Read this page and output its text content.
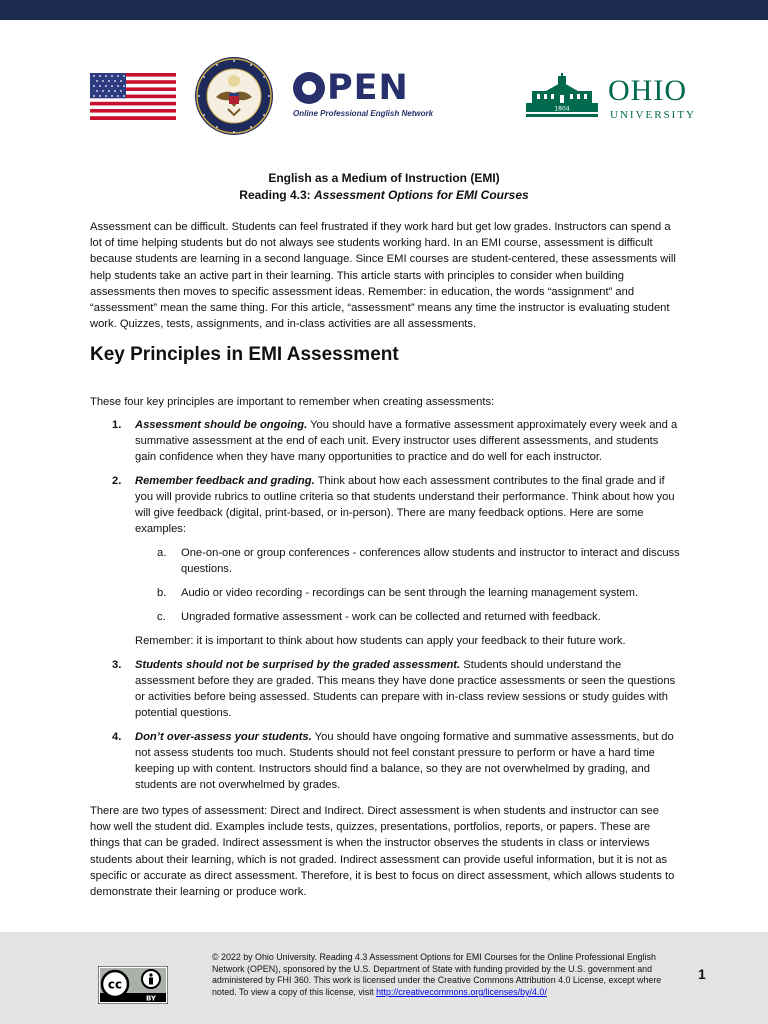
PEN
Online Professional English Network	1804
OHIO
UNIVERSITY
English as a Medium of Instruction (EMI)
Reading 4.3: Assessment Options for EMI Courses

Assessment can be difficult. Students can feel frustrated if they work hard but get low grades. Instructors can spend a lot of time helping students but do not always see students working hard. In an EMI course, assessment is difficult because students are learning in a second language. Since EMI courses are student-centered, these assessments will help students take an active part in their learning. This article starts with principles to consider when building assessments then moves to specific assessment ideas. Remember: in education, the words “assignment” and “assessment” mean the same thing. For this article, “assessment” means any time the instructor is evaluating student work. Quizzes, tests, assignments, and in-class activities are all assessments.

Key Principles in EMI Assessment

These four key principles are important to remember when creating assessments:

1. Assessment should be ongoing. You should have a formative assessment approximately every week and a summative assessment at the end of each unit. Every instructor uses different assessments, and students gain confidence when they have many opportunities to practice and do well for each instructor.
2. Remember feedback and grading. Think about how each assessment contributes to the final grade and if you will provide rubrics to outline criteria so that students understand their performance. Think about how you will give feedback (digital, print-based, or in-person). There are many feedback options. Here are some examples:
a. One-on-one or group conferences - conferences allow students and instructor to interact and discuss questions.
b. Audio or video recording - recordings can be sent through the learning management system.
c. Ungraded formative assessment - work can be collected and returned with feedback.
Remember: it is important to think about how students can apply your feedback to their future work.
3. Students should not be surprised by the graded assessment. Students should understand the assessment before they are graded. This means they have done practice assessments or seen the questions or activities before being assessed. Students can prepare with in-class review sessions or study guides with potential questions.
4. Don’t over-assess your students. You should have ongoing formative and summative assessments, but do not assess students too much. Students should not feel constant pressure to perform or have a hard time keeping up with content. Instructors should find a balance, so they are not overwhelmed by grading, and students are not overwhelmed by grades.

There are two types of assessment: Direct and Indirect. Direct assessment is when students and instructor can see how well the student did. Examples include tests, quizzes, presentations, portfolios, reports, or papers. These are things that can be graded. Indirect assessment is when the instructor observes the students in class or interviews students about their learning, which is not graded. Indirect assessment can provide useful information, but it is not as specific or accurate as direct assessment. Therefore, it is best to focus on direct assessment, which allows students to demonstrate their learning or produce work.

cc
BY
© 2022 by Ohio University. Reading 4.3 Assessment Options for EMI Courses for the Online Professional English Network (OPEN), sponsored by the U.S. Department of State with funding provided by the U.S. government and administered by FHI 360. This work is licensed under the Creative Commons Attribution 4.0 License, except where noted. To view a copy of this license, visit http://creativecommons.org/licenses/by/4.0/
1
